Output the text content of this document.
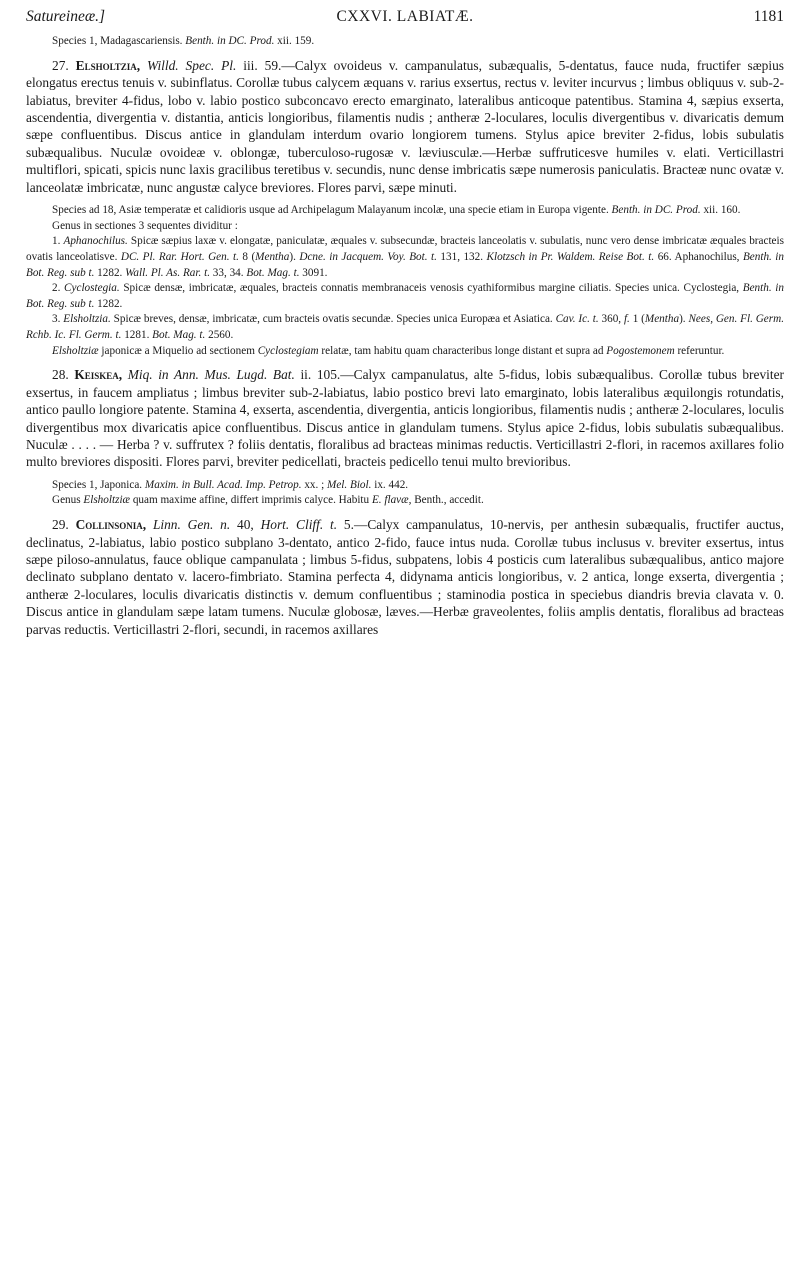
Satureineæ.]	CXXVI. LABIATÆ.	1181

Species 1, Madagascariensis. Benth. in DC. Prod. xii. 159.

27. Elsholtzia, Willd. Spec. Pl. iii. 59.—Calyx ovoideus v. campanulatus, subæqualis, 5-dentatus, fauce nuda, fructifer sæpius elongatus erectus tenuis v. subinflatus. Corollæ tubus calycem æquans v. rarius exsertus, rectus v. leviter incurvus ; limbus obliquus v. sub-2-labiatus, breviter 4-fidus, lobo v. labio postico subconcavo erecto emarginato, lateralibus anticoque patentibus. Stamina 4, sæpius exserta, ascendentia, divergentia v. distantia, anticis longioribus, filamentis nudis ; antheræ 2-loculares, loculis divergentibus v. divaricatis demum sæpe confluentibus. Discus antice in glandulam interdum ovario longiorem tumens. Stylus apice breviter 2-fidus, lobis subulatis subæqualibus. Nuculæ ovoideæ v. oblongæ, tuberculoso-rugosæ v. læviusculæ.—Herbæ suffruticesve humiles v. elati. Verticillastri multiflori, spicati, spicis nunc laxis gracilibus teretibus v. secundis, nunc dense imbricatis sæpe numerosis paniculatis. Bracteæ nunc ovatæ v. lanceolatæ imbricatæ, nunc angustæ calyce breviores. Flores parvi, sæpe minuti.

Species ad 18, Asiæ temperatæ et calidioris usque ad Archipelagum Malayanum incolæ, una specie etiam in Europa vigente. Benth. in DC. Prod. xii. 160.

Genus in sectiones 3 sequentes dividitur :

1. Aphanochilus. Spicæ sæpius laxæ v. elongatæ, paniculatæ, æquales v. subsecundæ, bracteis lanceolatis v. subulatis, nunc vero dense imbricatæ æquales bracteis ovatis lanceolatisve. DC. Pl. Rar. Hort. Gen. t. 8 (Mentha). Dcne. in Jacquem. Voy. Bot. t. 131, 132. Klotzsch in Pr. Waldem. Reise Bot. t. 66. Aphanochilus, Benth. in Bot. Reg. sub t. 1282. Wall. Pl. As. Rar. t. 33, 34. Bot. Mag. t. 3091.

2. Cyclostegia. Spicæ densæ, imbricatæ, æquales, bracteis connatis membranaceis venosis cyathiformibus margine ciliatis. Species unica. Cyclostegia, Benth. in Bot. Reg. sub t. 1282.

3. Elsholtzia. Spicæ breves, densæ, imbricatæ, cum bracteis ovatis secundæ. Species unica Europæa et Asiatica. Cav. Ic. t. 360, f. 1 (Mentha). Nees, Gen. Fl. Germ. Rchb. Ic. Fl. Germ. t. 1281. Bot. Mag. t. 2560.

Elsholtziæ japonicæ a Miquelio ad sectionem Cyclostegiam relatæ, tam habitu quam characteribus longe distant et supra ad Pogostemonem referuntur.

28. Keiskea, Miq. in Ann. Mus. Lugd. Bat. ii. 105.—Calyx campanulatus, alte 5-fidus, lobis subæqualibus. Corollæ tubus breviter exsertus, in faucem ampliatus ; limbus breviter sub-2-labiatus, labio postico brevi lato emarginato, lobis lateralibus æquilongis rotundatis, antico paullo longiore patente. Stamina 4, exserta, ascendentia, divergentia, anticis longioribus, filamentis nudis ; antheræ 2-loculares, loculis divergentibus mox divaricatis apice confluentibus. Discus antice in glandulam tumens. Stylus apice 2-fidus, lobis subulatis subæqualibus. Nuculæ . . . . — Herba ? v. suffrutex ? foliis dentatis, floralibus ad bracteas minimas reductis. Verticillastri 2-flori, in racemos axillares folio multo breviores dispositi. Flores parvi, breviter pedicellati, bracteis pedicello tenui multo brevioribus.

Species 1, Japonica. Maxim. in Bull. Acad. Imp. Petrop. xx. ; Mel. Biol. ix. 442.

Genus Elsholtziæ quam maxime affine, differt imprimis calyce. Habitu E. flavæ, Benth., accedit.

29. Collinsonia, Linn. Gen. n. 40, Hort. Cliff. t. 5.—Calyx campanulatus, 10-nervis, per anthesin subæqualis, fructifer auctus, declinatus, 2-labiatus, labio postico subplano 3-dentato, antico 2-fido, fauce intus nuda. Corollæ tubus inclusus v. breviter exsertus, intus sæpe piloso-annulatus, fauce oblique campanulata ; limbus 5-fidus, subpatens, lobis 4 posticis cum lateralibus subæqualibus, antico majore declinato subplano dentato v. lacero-fimbriato. Stamina perfecta 4, didynama anticis longioribus, v. 2 antica, longe exserta, divergentia ; antheræ 2-loculares, loculis divaricatis distinctis v. demum confluentibus ; staminodia postica in speciebus diandris brevia clavata v. 0. Discus antice in glandulam sæpe latam tumens. Nuculæ globosæ, læves.—Herbæ graveolentes, foliis amplis dentatis, floralibus ad bracteas parvas reductis. Verticillastri 2-flori, secundi, in racemos axillares
